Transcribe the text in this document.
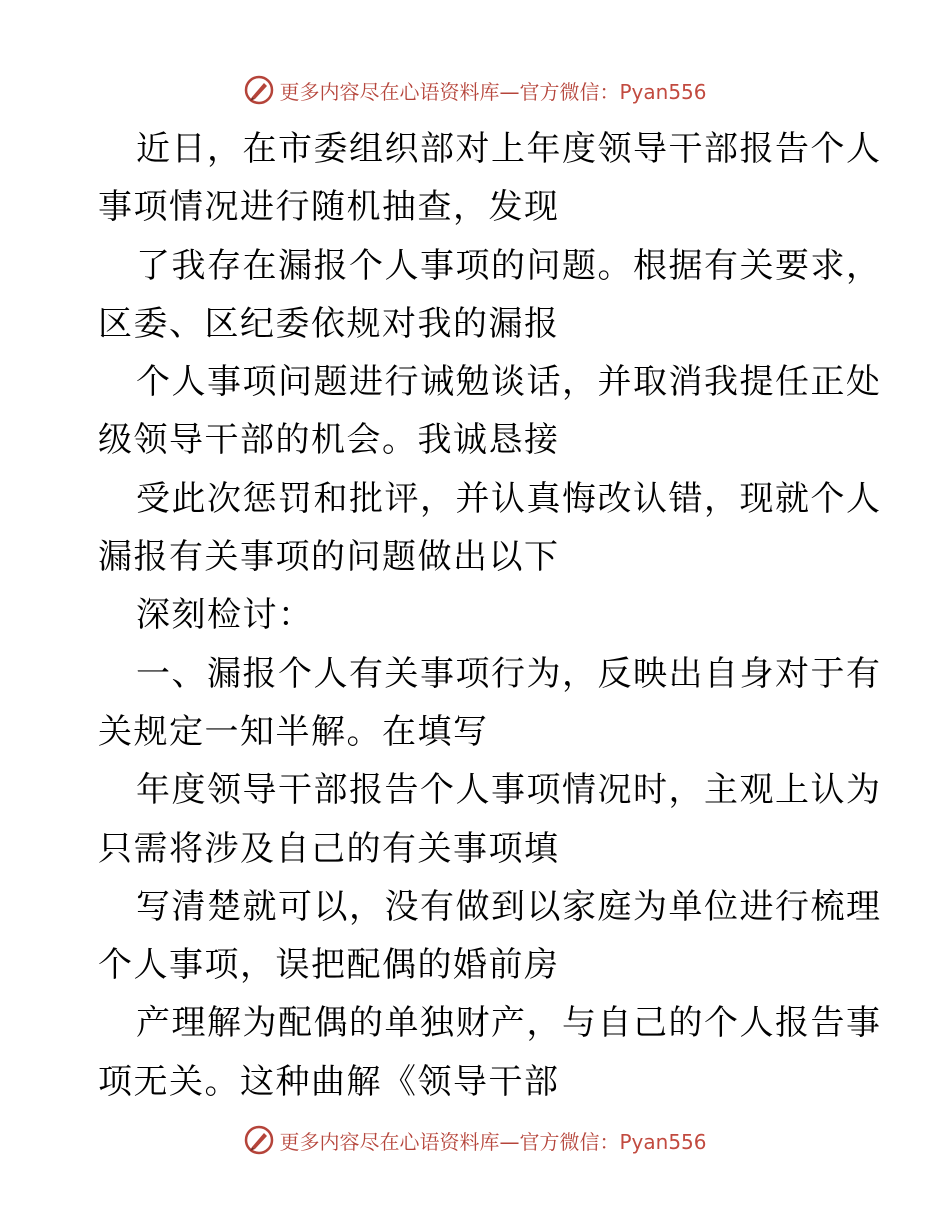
更多内容尽在心语资料库—官方微信：Pyan556
近日，在市委组织部对上年度领导干部报告个人
事项情况进行随机抽查，发现
了我存在漏报个人事项的问题。根据有关要求，
区委、区纪委依规对我的漏报
个人事项问题进行诫勉谈话，并取消我提任正处
级领导干部的机会。我诚恳接
受此次惩罚和批评，并认真悔改认错，现就个人
漏报有关事项的问题做出以下
深刻检讨：
一、漏报个人有关事项行为，反映出自身对于有
关规定一知半解。在填写
年度领导干部报告个人事项情况时，主观上认为
只需将涉及自己的有关事项填
写清楚就可以，没有做到以家庭为单位进行梳理
个人事项，误把配偶的婚前房
产理解为配偶的单独财产，与自己的个人报告事
项无关。这种曲解《领导干部
更多内容尽在心语资料库—官方微信：Pyan556
